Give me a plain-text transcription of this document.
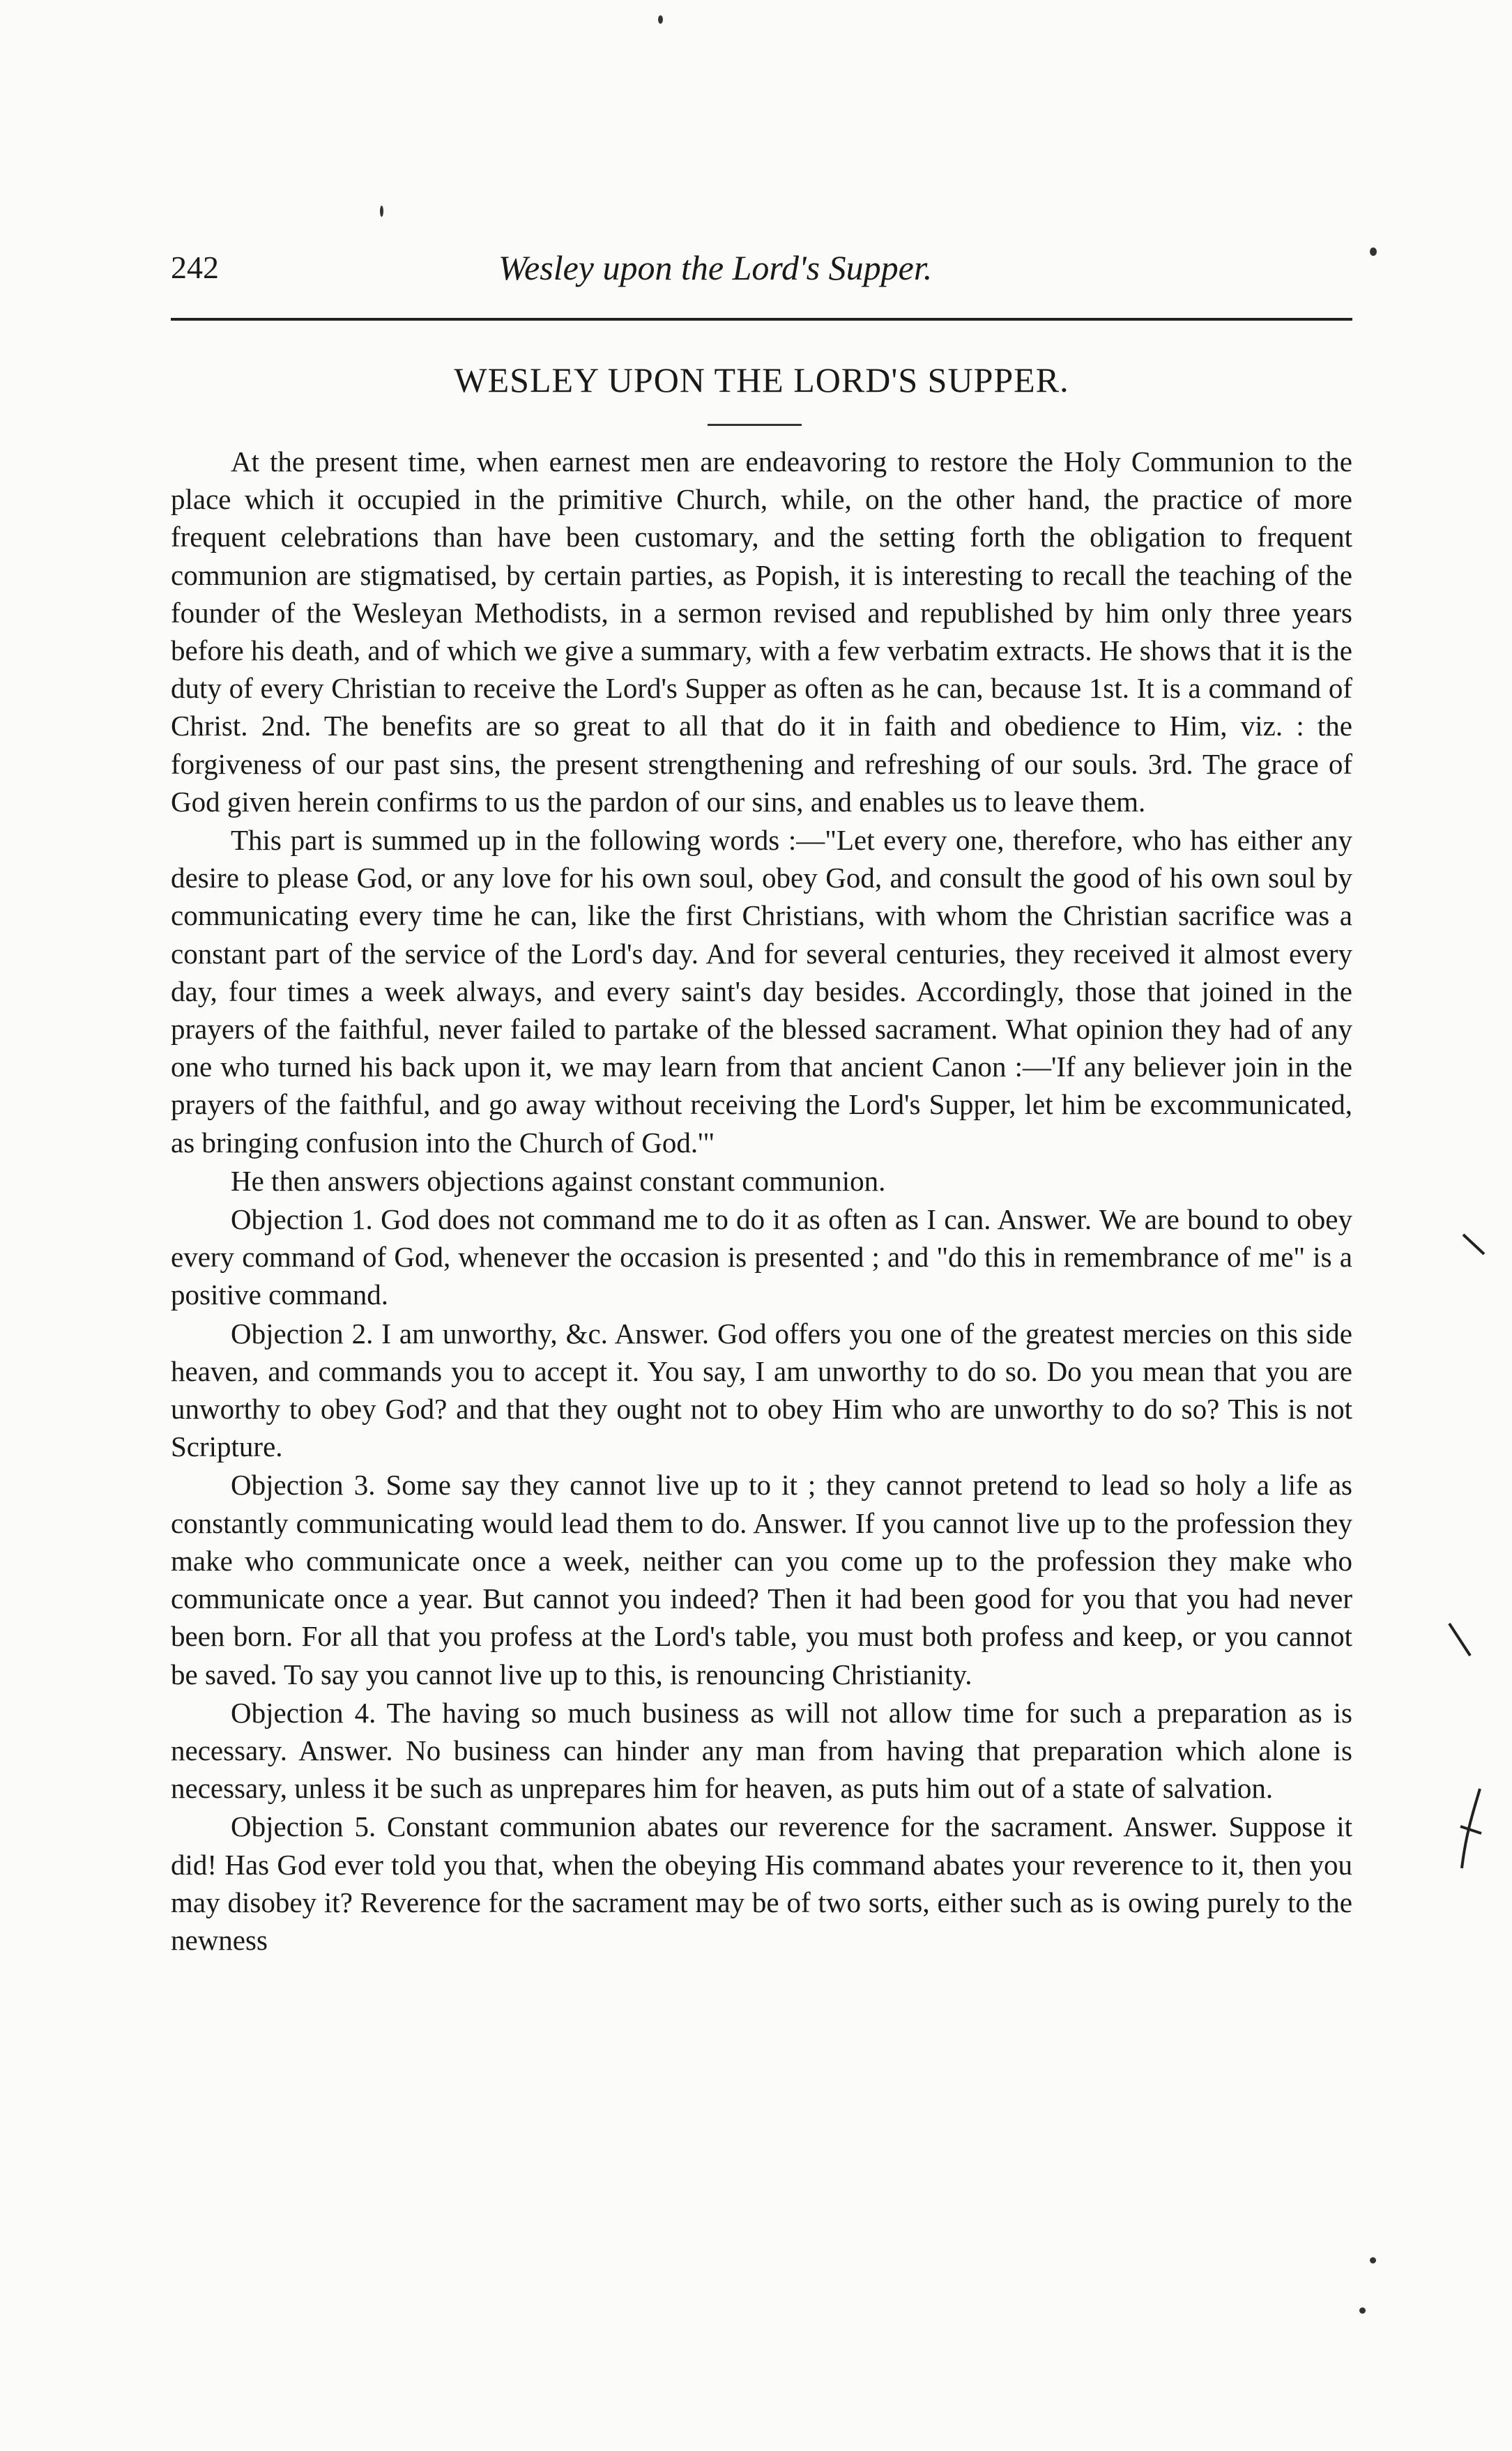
242	Wesley upon the Lord's Supper.
WESLEY UPON THE LORD'S SUPPER.

At the present time, when earnest men are endeavoring to restore the Holy Communion to the place which it occupied in the primitive Church, while, on the other hand, the practice of more frequent celebrations than have been customary, and the setting forth the obligation to frequent communion are stigmatised, by certain parties, as Popish, it is interesting to recall the teaching of the founder of the Wesleyan Methodists, in a sermon revised and republished by him only three years before his death, and of which we give a summary, with a few verbatim extracts. He shows that it is the duty of every Christian to receive the Lord's Supper as often as he can, because 1st. It is a command of Christ. 2nd. The benefits are so great to all that do it in faith and obedience to Him, viz. : the forgiveness of our past sins, the present strengthening and refreshing of our souls. 3rd. The grace of God given herein confirms to us the pardon of our sins, and enables us to leave them.

This part is summed up in the following words :—"Let every one, therefore, who has either any desire to please God, or any love for his own soul, obey God, and consult the good of his own soul by communicating every time he can, like the first Christians, with whom the Christian sacrifice was a constant part of the service of the Lord's day. And for several centuries, they received it almost every day, four times a week always, and every saint's day besides. Accordingly, those that joined in the prayers of the faithful, never failed to partake of the blessed sacrament. What opinion they had of any one who turned his back upon it, we may learn from that ancient Canon :—'If any believer join in the prayers of the faithful, and go away without receiving the Lord's Supper, let him be excommunicated, as bringing confusion into the Church of God.'"

He then answers objections against constant communion.

Objection 1. God does not command me to do it as often as I can. Answer. We are bound to obey every command of God, whenever the occasion is presented ; and "do this in remembrance of me" is a positive command.

Objection 2. I am unworthy, &c. Answer. God offers you one of the greatest mercies on this side heaven, and commands you to accept it. You say, I am unworthy to do so. Do you mean that you are unworthy to obey God? and that they ought not to obey Him who are unworthy to do so? This is not Scripture.

Objection 3. Some say they cannot live up to it ; they cannot pretend to lead so holy a life as constantly communicating would lead them to do. Answer. If you cannot live up to the profession they make who communicate once a week, neither can you come up to the profession they make who communicate once a year. But cannot you indeed? Then it had been good for you that you had never been born. For all that you profess at the Lord's table, you must both profess and keep, or you cannot be saved. To say you cannot live up to this, is renouncing Christianity.

Objection 4. The having so much business as will not allow time for such a preparation as is necessary. Answer. No business can hinder any man from having that preparation which alone is necessary, unless it be such as unprepares him for heaven, as puts him out of a state of salvation.

Objection 5. Constant communion abates our reverence for the sacrament. Answer. Suppose it did! Has God ever told you that, when the obeying His command abates your reverence to it, then you may disobey it? Reverence for the sacrament may be of two sorts, either such as is owing purely to the newness
